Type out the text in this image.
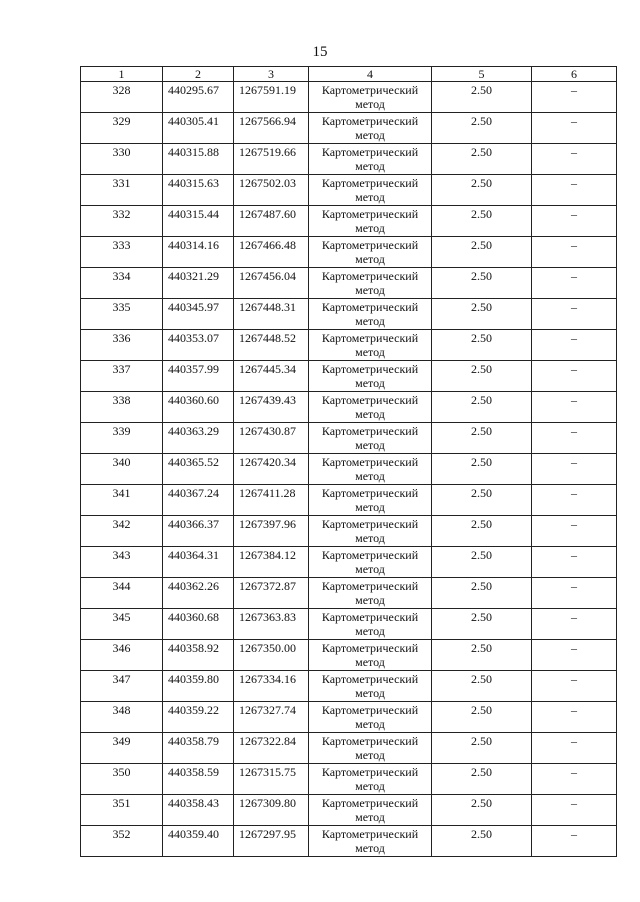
15
1	2	3	4	5	6
328	440295.67	1267591.19	Картометрический метод	2.50	–
329	440305.41	1267566.94	Картометрический метод	2.50	–
330	440315.88	1267519.66	Картометрический метод	2.50	–
331	440315.63	1267502.03	Картометрический метод	2.50	–
332	440315.44	1267487.60	Картометрический метод	2.50	–
333	440314.16	1267466.48	Картометрический метод	2.50	–
334	440321.29	1267456.04	Картометрический метод	2.50	–
335	440345.97	1267448.31	Картометрический метод	2.50	–
336	440353.07	1267448.52	Картометрический метод	2.50	–
337	440357.99	1267445.34	Картометрический метод	2.50	–
338	440360.60	1267439.43	Картометрический метод	2.50	–
339	440363.29	1267430.87	Картометрический метод	2.50	–
340	440365.52	1267420.34	Картометрический метод	2.50	–
341	440367.24	1267411.28	Картометрический метод	2.50	–
342	440366.37	1267397.96	Картометрический метод	2.50	–
343	440364.31	1267384.12	Картометрический метод	2.50	–
344	440362.26	1267372.87	Картометрический метод	2.50	–
345	440360.68	1267363.83	Картометрический метод	2.50	–
346	440358.92	1267350.00	Картометрический метод	2.50	–
347	440359.80	1267334.16	Картометрический метод	2.50	–
348	440359.22	1267327.74	Картометрический метод	2.50	–
349	440358.79	1267322.84	Картометрический метод	2.50	–
350	440358.59	1267315.75	Картометрический метод	2.50	–
351	440358.43	1267309.80	Картометрический метод	2.50	–
352	440359.40	1267297.95	Картометрический метод	2.50	–
